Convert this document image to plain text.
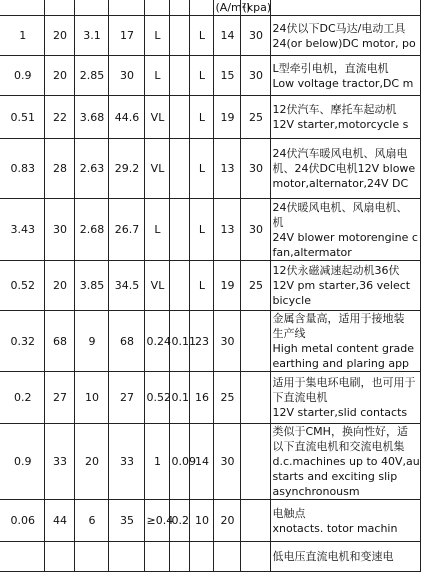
							(A/m²)	(kpa)	
1	20	3.1	17	L		L	14	30	24伏以下DC马达/电动工具
24(or below)DC motor, po

0.9	20	2.85	30	L		L	15	30	L型牵引电机，直流电机
Low voltage tractor,DC m

0.51	22	3.68	44.6	VL		L	19	25	12伏汽车、摩托车起动机
12V starter,motorcycle s

0.83	28	2.63	29.2	VL		L	13	30	24伏汽车暖风电机、风扇电
机、24伏DC电机12V blowe
motor,alternator,24V DC

3.43	30	2.68	26.7	L		L	13	30	24伏暖风电机、风扇电机、
机
24V blower motorengine c
fan,altermator

0.52	20	3.85	34.5	VL		L	19	25	12伏永磁减速起动机36伏
12V pm starter,36 velect
bicycle

0.32	68	9	68	0.24	0.11	23	30		金属含量高，适用于接地装
生产线
High metal content grade
earthing and plaring app

0.2	27	10	27	0.52	0.1	16	25		适用于集电环电刷，也可用于
下直流电机
12V starter,slid contacts

0.9	33	20	33	1	0.09	14	30		类似于CMH，换向性好，适
以下直流电机和交流电机集
d.c.machines up to 40V,au
starts and exciting slip
asynchronousm

0.06	44	6	35	≥0.4	0.2	10	20		电触点
xnotacts. totor machin

									低电压直流电机和变速电
